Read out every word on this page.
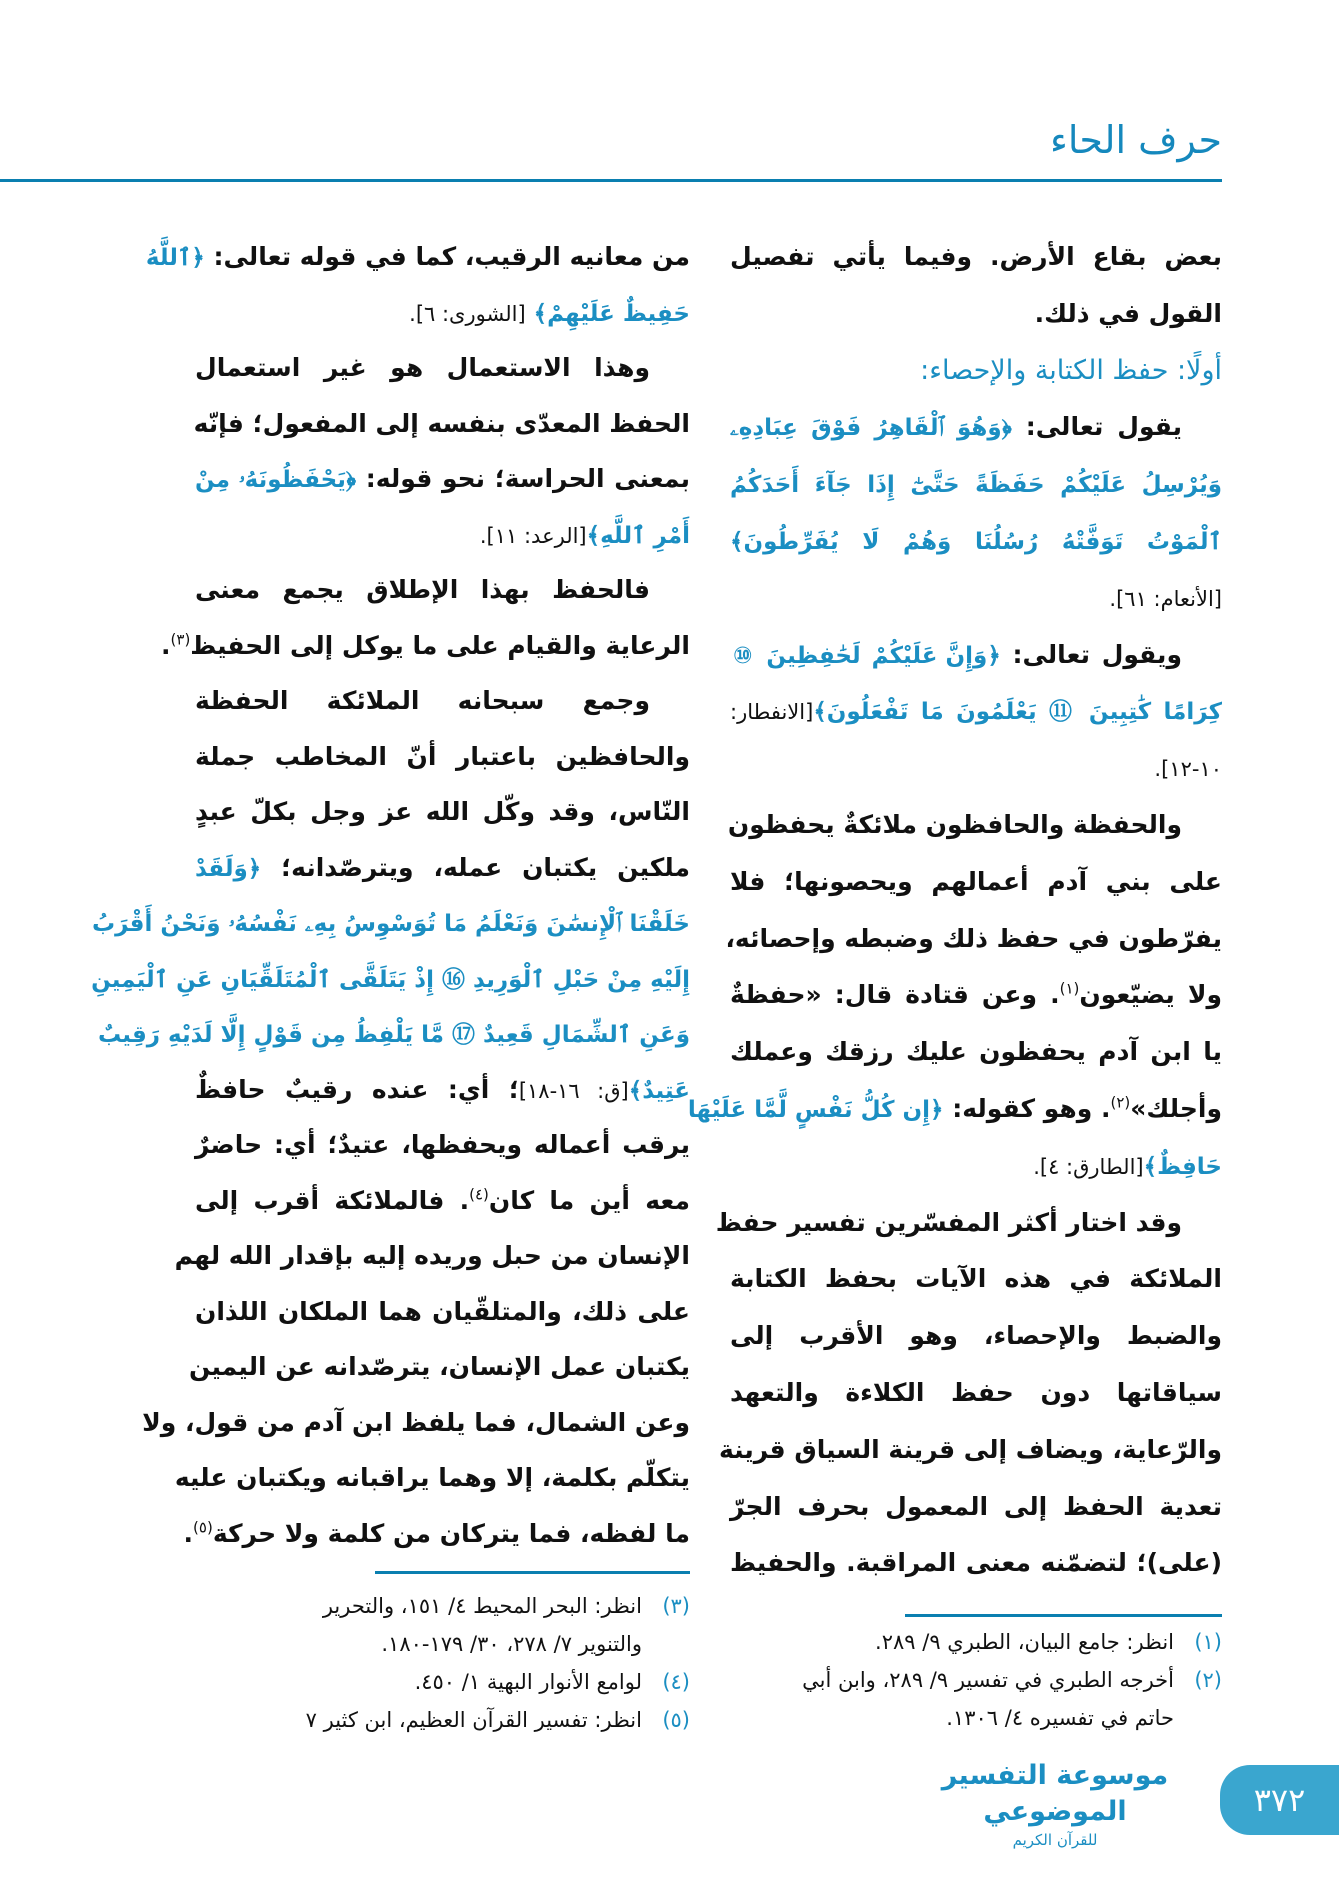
حرف الحاء
بعض بقاع الأرض. وفيما يأتي تفصيل
القول في ذلك.
أولًا: حفظ الكتابة والإحصاء:
يقول تعالى: ﴿وَهُوَ ٱلْقَاهِرُ فَوْقَ عِبَادِهِۦ
وَيُرْسِلُ عَلَيْكُمْ حَفَظَةً حَتَّىٰٓ إِذَا جَآءَ أَحَدَكُمُ
ٱلْمَوْتُ تَوَفَّتْهُ رُسُلُنَا وَهُمْ لَا يُفَرِّطُونَ﴾
[الأنعام: ٦١].
ويقول تعالى: ﴿وَإِنَّ عَلَيْكُمْ لَحَٰفِظِينَ ⑩
كِرَامًا كَٰتِبِينَ ⑪ يَعْلَمُونَ مَا تَفْعَلُونَ﴾[الانفطار:
١٠-١٢].
والحفظة والحافظون ملائكةٌ يحفظون
على بني آدم أعمالهم ويحصونها؛ فلا
يفرّطون في حفظ ذلك وضبطه وإحصائه،
ولا يضيّعون$^{(١)}$. وعن قتادة قال: «حفظةٌ
يا ابن آدم يحفظون عليك رزقك وعملك
وأجلك»$^{(٢)}$. وهو كقوله: ﴿إِن كُلُّ نَفْسٍ لَّمَّا عَلَيْهَا
حَافِظٌ﴾[الطارق: ٤].
وقد اختار أكثر المفسّرين تفسير حفظ
الملائكة في هذه الآيات بحفظ الكتابة
والضبط والإحصاء، وهو الأقرب إلى
سياقاتها دون حفظ الكلاءة والتعهد
والرّعاية، ويضاف إلى قرينة السياق قرينة
تعدية الحفظ إلى المعمول بحرف الجرّ
(على)؛ لتضمّنه معنى المراقبة. والحفيظ
من معانيه الرقيب، كما في قوله تعالى: ﴿ٱللَّهُ
حَفِيظٌ عَلَيْهِمْ﴾ [الشورى: ٦].
وهذا الاستعمال هو غير استعمال
الحفظ المعدّى بنفسه إلى المفعول؛ فإنّه
بمعنى الحراسة؛ نحو قوله: ﴿يَحْفَظُونَهُۥ مِنْ
أَمْرِ ٱللَّهِ﴾[الرعد: ١١].
فالحفظ بهذا الإطلاق يجمع معنى
الرعاية والقيام على ما يوكل إلى الحفيظ$^{(٣)}$.
وجمع سبحانه الملائكة الحفظة
والحافظين باعتبار أنّ المخاطب جملة
النّاس، وقد وكّل الله عز وجل بكلّ عبدٍ
ملكين يكتبان عمله، ويترصّدانه؛ ﴿وَلَقَدْ
خَلَقْنَا ٱلْإِنسَٰنَ وَنَعْلَمُ مَا تُوَسْوِسُ بِهِۦ نَفْسُهُۥ وَنَحْنُ أَقْرَبُ
إِلَيْهِ مِنْ حَبْلِ ٱلْوَرِيدِ ⑯ إِذْ يَتَلَقَّى ٱلْمُتَلَقِّيَانِ عَنِ ٱلْيَمِينِ
وَعَنِ ٱلشِّمَالِ قَعِيدٌ ⑰ مَّا يَلْفِظُ مِن قَوْلٍ إِلَّا لَدَيْهِ رَقِيبٌ
عَتِيدٌ﴾[ق: ١٦-١٨]؛ أي: عنده رقيبٌ حافظٌ
يرقب أعماله ويحفظها، عتيدٌ؛ أي: حاضرٌ
معه أين ما كان$^{(٤)}$. فالملائكة أقرب إلى
الإنسان من حبل وريده إليه بإقدار الله لهم
على ذلك، والمتلقّيان هما الملكان اللذان
يكتبان عمل الإنسان، يترصّدانه عن اليمين
وعن الشمال، فما يلفظ ابن آدم من قول، ولا
يتكلّم بكلمة، إلا وهما يراقبانه ويكتبان عليه
ما لفظه، فما يتركان من كلمة ولا حركة$^{(٥)}$.
(١)انظر: جامع البيان، الطبري ٩/ ٢٨٩.
(٢)أخرجه الطبري في تفسير ٩/ ٢٨٩، وابن أبي
حاتم في تفسيره ٤/ ١٣٠٦.
(٣)انظر: البحر المحيط ٤/ ١٥١، والتحرير
والتنوير ٧/ ٢٧٨، ٣٠/ ١٧٩-١٨٠.
(٤)لوامع الأنوار البهية ١/ ٤٥٠.
(٥)انظر: تفسير القرآن العظيم، ابن كثير ٧
موسوعة التفسير الموضوعي
للقرآن الكريم
٣٧٢
